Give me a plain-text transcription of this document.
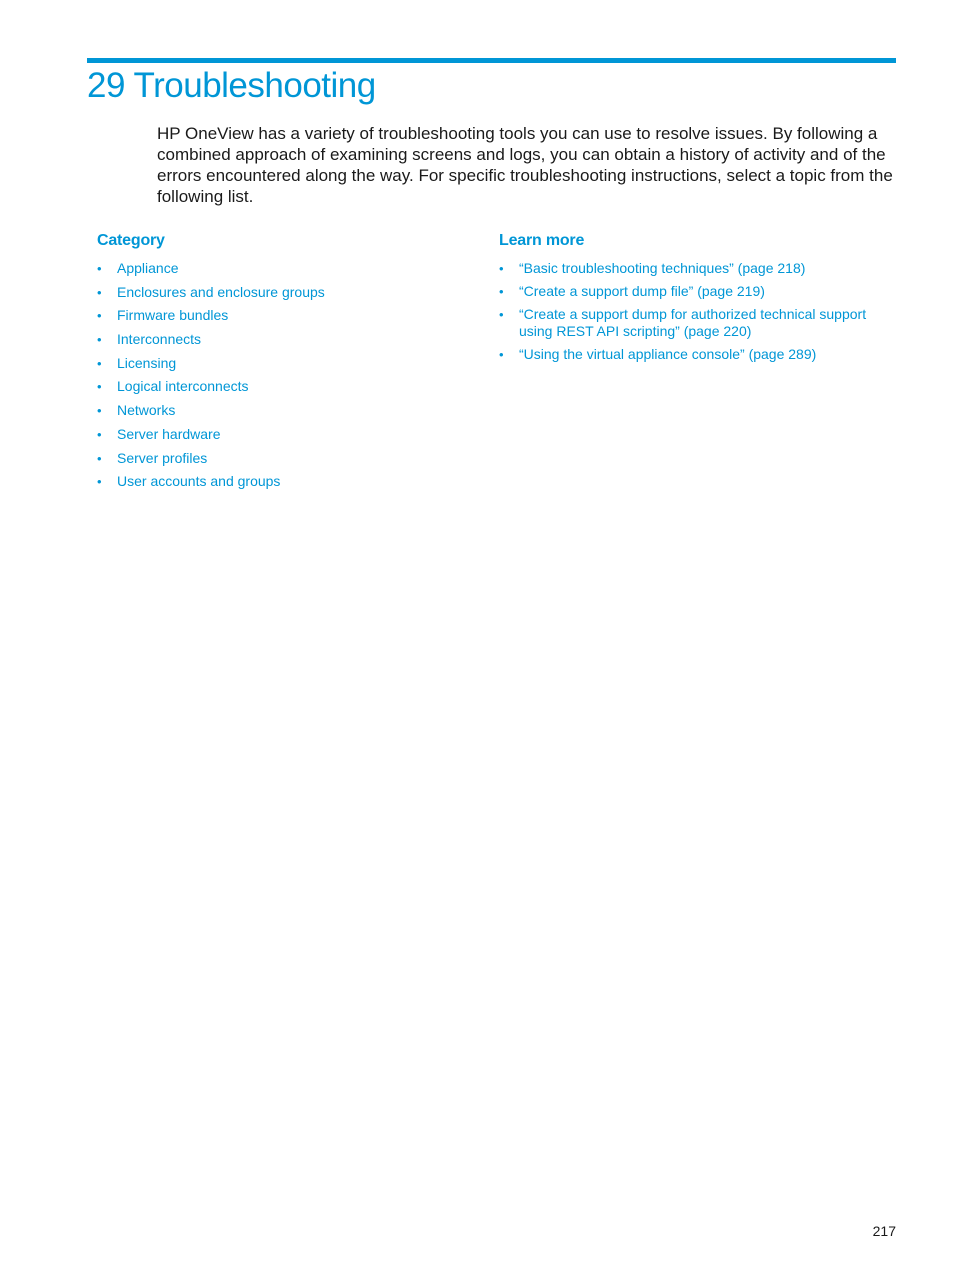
29 Troubleshooting

HP OneView has a variety of troubleshooting tools you can use to resolve issues. By following a combined approach of examining screens and logs, you can obtain a history of activity and of the errors encountered along the way. For specific troubleshooting instructions, select a topic from the following list.

Category
• Appliance
• Enclosures and enclosure groups
• Firmware bundles
• Interconnects
• Licensing
• Logical interconnects
• Networks
• Server hardware
• Server profiles
• User accounts and groups
Learn more
• “Basic troubleshooting techniques” (page 218)
• “Create a support dump file” (page 219)
• “Create a support dump for authorized technical support using REST API scripting” (page 220)
• “Using the virtual appliance console” (page 289)
217
